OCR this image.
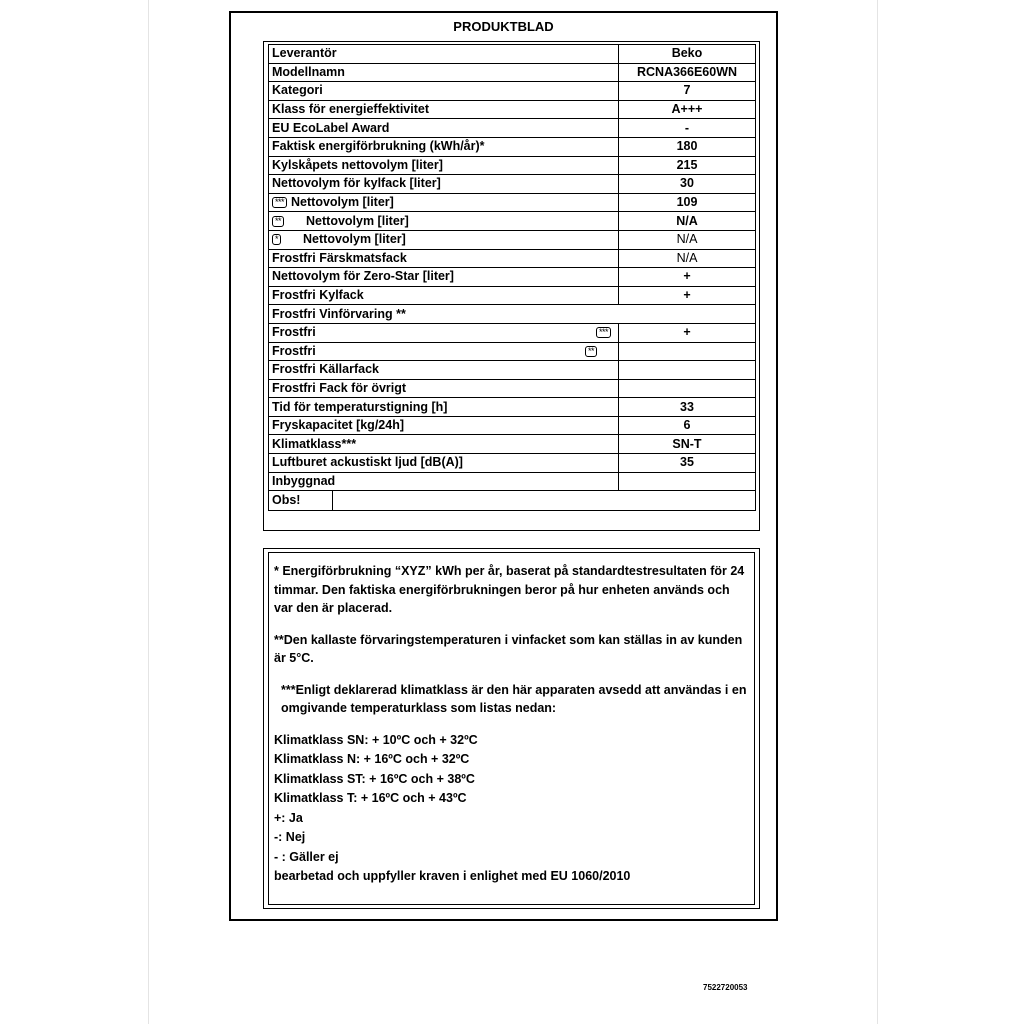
PRODUKTBLAD
Leverantör	Beko
Modellnamn	RCNA366E60WN
Kategori	7
Klass för energieffektivitet	A+++
EU EcoLabel Award	-
Faktisk energiförbrukning (kWh/år)*	180
Kylskåpets nettovolym [liter]	215
Nettovolym för kylfack [liter]	30

*** Nettovolym [liter]	109

** Nettovolym [liter]	N/A

* Nettovolym [liter]	N/A
Frostfri Färskmatsfack	N/A
Nettovolym för Zero-Star [liter]	+
Frostfri Kylfack	+
Frostfri Vinförvaring **	

Frostfri ***	+

Frostfri **	

Frostfri Källarfack	
Frostfri Fack för övrigt	
Tid för temperaturstigning [h]	33
Fryskapacitet [kg/24h]	6
Klimatklass***	SN-T
Luftburet ackustiskt ljud [dB(A)]	35
Inbyggnad	

Obs!	

* Energiförbrukning “XYZ” kWh per år, baserat på standardtestresultaten för 24 timmar. Den faktiska energiförbrukningen beror på hur enheten används och var den är placerad.

**Den kallaste förvaringstemperaturen i vinfacket som kan ställas in av kunden är 5°C.

***Enligt deklarerad klimatklass är den här apparaten avsedd att användas i en omgivande temperaturklass som listas nedan:

Klimatklass SN: + 10ºC och + 32ºC
Klimatklass N: + 16ºC och + 32ºC
Klimatklass ST: + 16ºC och + 38ºC
Klimatklass T: + 16ºC och + 43ºC
+: Ja
-: Nej
- : Gäller ej
bearbetad och uppfyller kraven i enlighet med EU 1060/2010
7522720053
